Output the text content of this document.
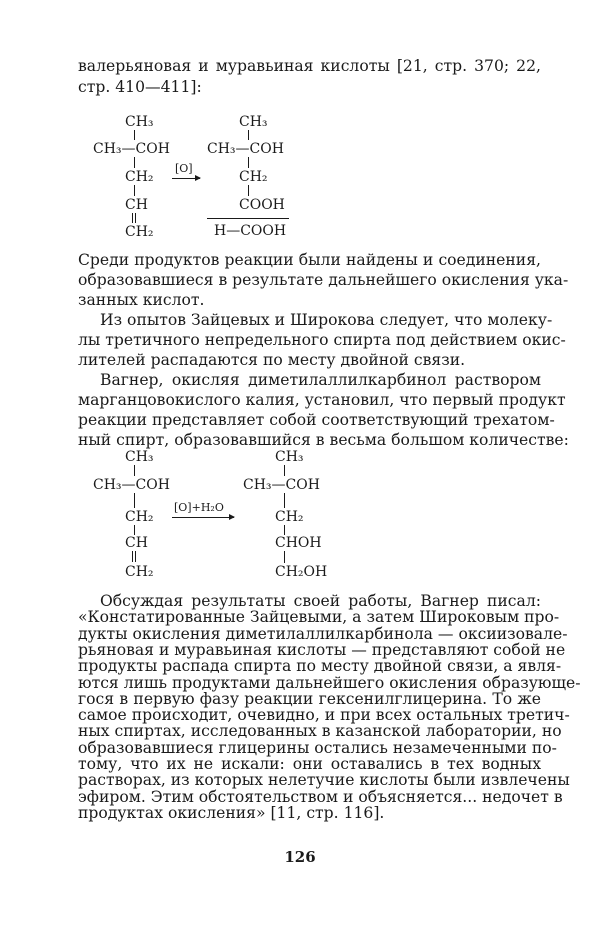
валерьяновая и муравьиная кислоты [21, стр. 370; 22,
стр. 410—411]:
CH₃
CH₃—COH
CH₂
CH
CH₂
[O]
CH₃
CH₃—COH
CH₂
COOH
H—COOH
Среди продуктов реакции были найдены и соединения,
образовавшиеся в результате дальнейшего окисления ука-
занных кислот.
Из опытов Зайцевых и Широкова следует, что молеку-
лы третичного непредельного спирта под действием окис-
лителей распадаются по месту двойной связи.
Вагнер, окисляя диметилаллилкарбинол раствором
марганцовокислого калия, установил, что первый продукт
реакции представляет собой соответствующий трехатом-
ный спирт, образовавшийся в весьма большом количестве:
CH₃
CH₃—COH
CH₂
CH
CH₂
[O]+H₂O
CH₃
CH₃—COH
CH₂
CHOH
CH₂OH
Обсуждая результаты своей работы, Вагнер писал:
«Констатированные Зайцевыми, а затем Широковым про-
дукты окисления диметилаллилкарбинола — оксиизовале-
рьяновая и муравьиная кислоты — представляют собой не
продукты распада спирта по месту двойной связи, а явля-
ются лишь продуктами дальнейшего окисления образующе-
гося в первую фазу реакции гексенилглицерина. То же
самое происходит, очевидно, и при всех остальных третич-
ных спиртах, исследованных в казанской лаборатории, но
образовавшиеся глицерины остались незамеченными по-
тому, что их не искали: они оставались в тех водных
растворах, из которых нелетучие кислоты были извлечены
эфиром. Этим обстоятельством и объясняется... недочет в
продуктах окисления» [11, стр. 116].
126
